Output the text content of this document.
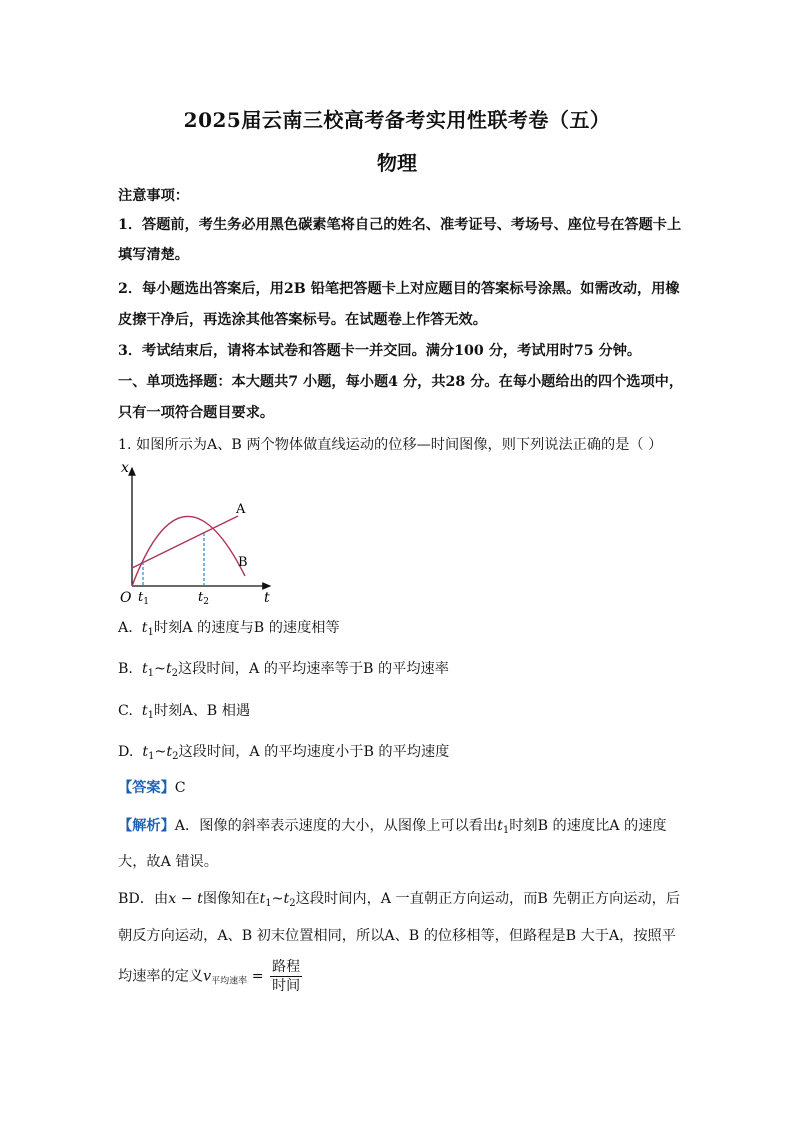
2025届云南三校高考备考实用性联考卷（五）
物理
注意事项：
1．答题前，考生务必用黑色碳素笔将自己的姓名、准考证号、考场号、座位号在答题卡上
填写清楚。
2．每小题选出答案后，用2B 铅笔把答题卡上对应题目的答案标号涂黑。如需改动，用橡
皮擦干净后，再选涂其他答案标号。在试题卷上作答无效。
3．考试结束后，请将本试卷和答题卡一并交回。满分100 分，考试用时75 分钟。
一、单项选择题：本大题共7 小题，每小题4 分，共28 分。在每小题给出的四个选项中，
只有一项符合题目要求。
1. 如图所示为A、B 两个物体做直线运动的位移—时间图像，则下列说法正确的是（ ）
x
t
O $t_1$	$t_2$
A
B
A. $t_1$时刻A 的速度与B 的速度相等
B. $t_1\sim t_2$这段时间，A 的平均速率等于B 的平均速率
C. $t_1$时刻A、B 相遇
D. $t_1\sim t_2$这段时间，A 的平均速度小于B 的平均速度
【答案】C
【解析】A．图像的斜率表示速度的大小，从图像上可以看出$t_1$时刻B 的速度比A 的速度
大，故A 错误。
BD．由x − t图像知在$t_1\sim t_2$这段时间内，A 一直朝正方向运动，而B 先朝正方向运动，后
朝反方向运动，A、B 初末位置相同，所以A、B 的位移相等，但路程是B 大于A，按照平
均速率的定义$v_{平均速率} = \frac{\text{路程}}{\text{时间}}$
